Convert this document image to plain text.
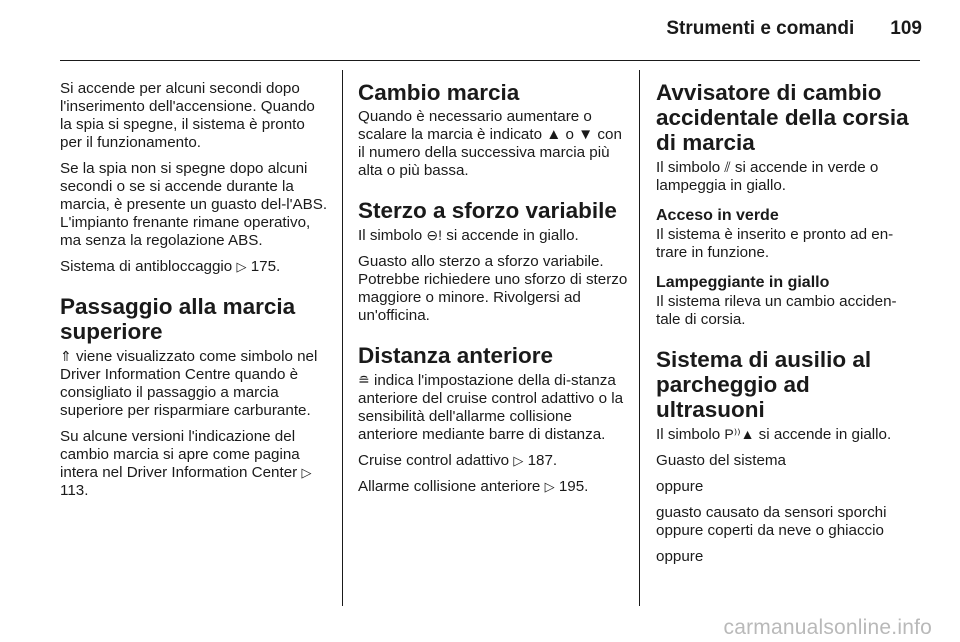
Strumenti e comandi 109

Si accende per alcuni secondi dopo l'inserimento dell'accensione. Quando la spia si spegne, il sistema è pronto per il funzionamento.

Se la spia non si spegne dopo alcuni secondi o se si accende durante la marcia, è presente un guasto del-l'ABS. L'impianto frenante rimane operativo, ma senza la regolazione ABS.

Sistema di antibloccaggio ▷ 175.

Passaggio alla marcia superiore

⇑ viene visualizzato come simbolo nel Driver Information Centre quando è consigliato il passaggio a marcia superiore per risparmiare carburante.

Su alcune versioni l'indicazione del cambio marcia si apre come pagina intera nel Driver Information Center ▷ 113.

Cambio marcia

Quando è necessario aumentare o scalare la marcia è indicato ▲ o ▼ con il numero della successiva marcia più alta o più bassa.

Sterzo a sforzo variabile

Il simbolo ⊖! si accende in giallo.

Guasto allo sterzo a sforzo variabile. Potrebbe richiedere uno sforzo di sterzo maggiore o minore. Rivolgersi ad un'officina.

Distanza anteriore

≘ indica l'impostazione della di-stanza anteriore del cruise control adattivo o la sensibilità dell'allarme collisione anteriore mediante barre di distanza.

Cruise control adattivo ▷ 187.

Allarme collisione anteriore ▷ 195.

Avvisatore di cambio accidentale della corsia di marcia

Il simbolo ⫽ si accende in verde o lampeggia in giallo.

Acceso in verde

Il sistema è inserito e pronto ad en-trare in funzione.

Lampeggiante in giallo

Il sistema rileva un cambio acciden-tale di corsia.

Sistema di ausilio al parcheggio ad ultrasuoni

Il simbolo P⁾⁾▲ si accende in giallo.

Guasto del sistema

oppure

guasto causato da sensori sporchi oppure coperti da neve o ghiaccio

oppure

carmanualsonline.info
